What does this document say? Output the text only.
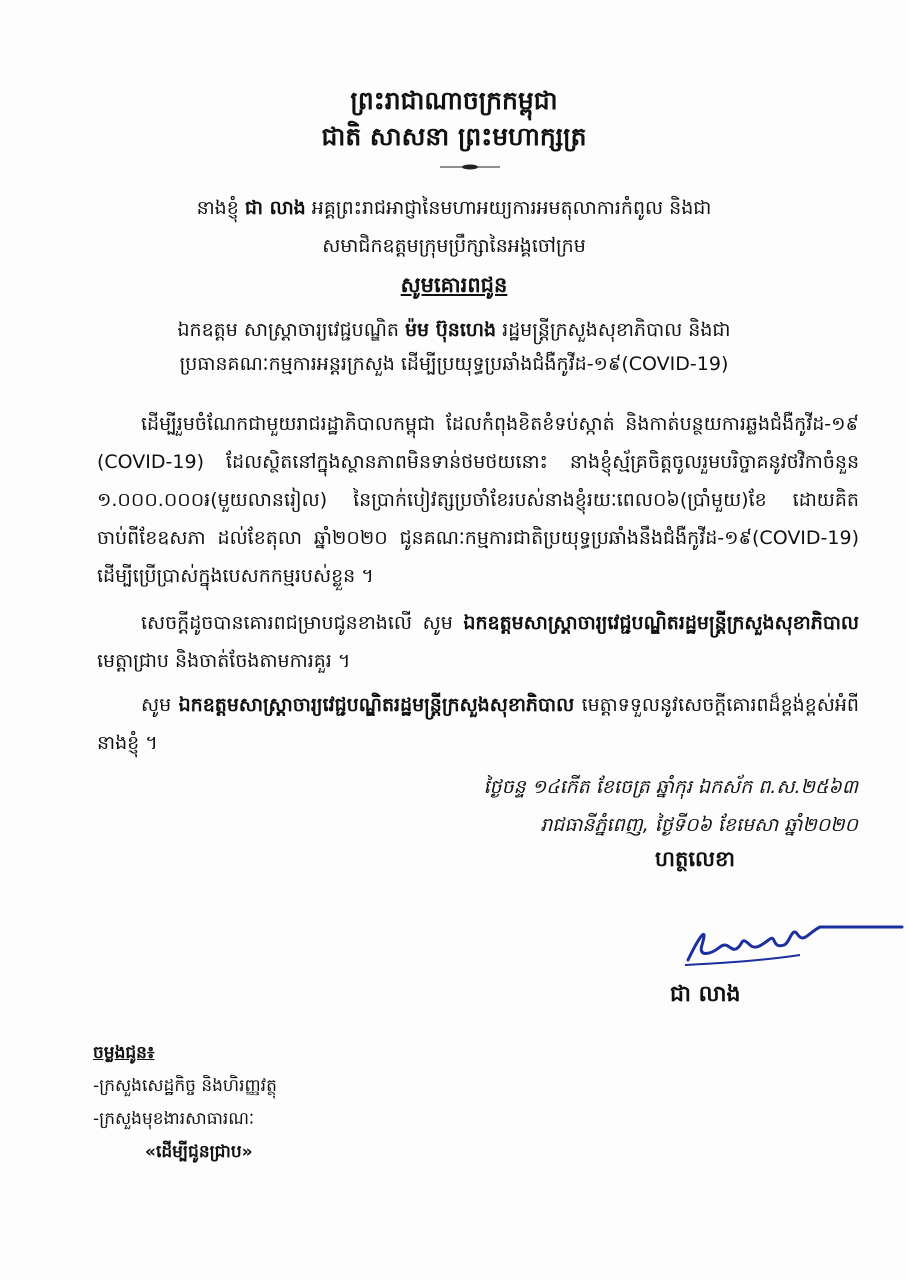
ព្រះរាជាណាចក្រកម្ពុជា
ជាតិ សាសនា ព្រះមហាក្សត្រ
នាងខ្ញុំ ជា លាង អគ្គព្រះរាជអាជ្ញានៃមហាអយ្យការអមតុលាការកំពូល និងជា
សមាជិកឧត្តមក្រុមប្រឹក្សានៃអង្គចៅក្រម
សូមគោរពជូន
ឯកឧត្តម សាស្ត្រាចារ្យវេជ្ជបណ្ឌិត ម៉ម ប៊ុនហេង រដ្ឋមន្ត្រីក្រសួងសុខាភិបាល និងជា
ប្រធានគណៈកម្មការអន្តរក្រសួង ដើម្បីប្រយុទ្ធប្រឆាំងជំងឺកូវីដ-១៩(COVID-19)
ដើម្បីរួមចំណែកជាមួយរាជរដ្ឋាភិបាលកម្ពុជា ដែលកំពុងខិតខំទប់ស្កាត់ និងកាត់បន្ថយការឆ្លងជំងឺកូវីដ-១៩ (COVID-19) ដែលស្ថិតនៅក្នុងស្ថានភាពមិនទាន់ថមថយនោះ នាងខ្ញុំស្ម័គ្រចិត្តចូលរួមបរិច្ចាគនូវថវិកាចំនួន ១.០០០.០០០៛(មួយលានរៀល) នៃប្រាក់បៀវត្សប្រចាំខែរបស់នាងខ្ញុំរយៈពេល០៦(ប្រាំមួយ)ខែ ដោយគិតចាប់ពីខែឧសភា ដល់ខែតុលា ឆ្នាំ២០២០ ជូនគណៈកម្មការជាតិប្រយុទ្ធប្រឆាំងនឹងជំងឺកូវីដ-១៩(COVID-19) ដើម្បីប្រើប្រាស់ក្នុងបេសកកម្មរបស់ខ្លួន ។
សេចក្ដីដូចបានគោរពជម្រាបជូនខាងលើ សូម ឯកឧត្តមសាស្ត្រាចារ្យវេជ្ជបណ្ឌិតរដ្ឋមន្ត្រីក្រសួងសុខាភិបាល មេត្តាជ្រាប និងចាត់ចែងតាមការគួរ ។
សូម ឯកឧត្តមសាស្ត្រាចារ្យវេជ្ជបណ្ឌិតរដ្ឋមន្ត្រីក្រសួងសុខាភិបាល មេត្តាទទួលនូវសេចក្ដីគោរពដ៏ខ្ពង់ខ្ពស់អំពីនាងខ្ញុំ ។
ថ្ងៃចន្ទ ១៤កើត ខែចេត្រ ឆ្នាំកុរ ឯកស័ក ព.ស.២៥៦៣
រាជធានីភ្នំពេញ, ថ្ងៃទី០៦ ខែមេសា ឆ្នាំ២០២០
ហត្ថលេខា
ជា លាង
ចម្លងជូន៖
-ក្រសួងសេដ្ឋកិច្ច និងហិរញ្ញវត្ថុ
-ក្រសួងមុខងារសាធារណៈ
«ដើម្បីជូនជ្រាប»
